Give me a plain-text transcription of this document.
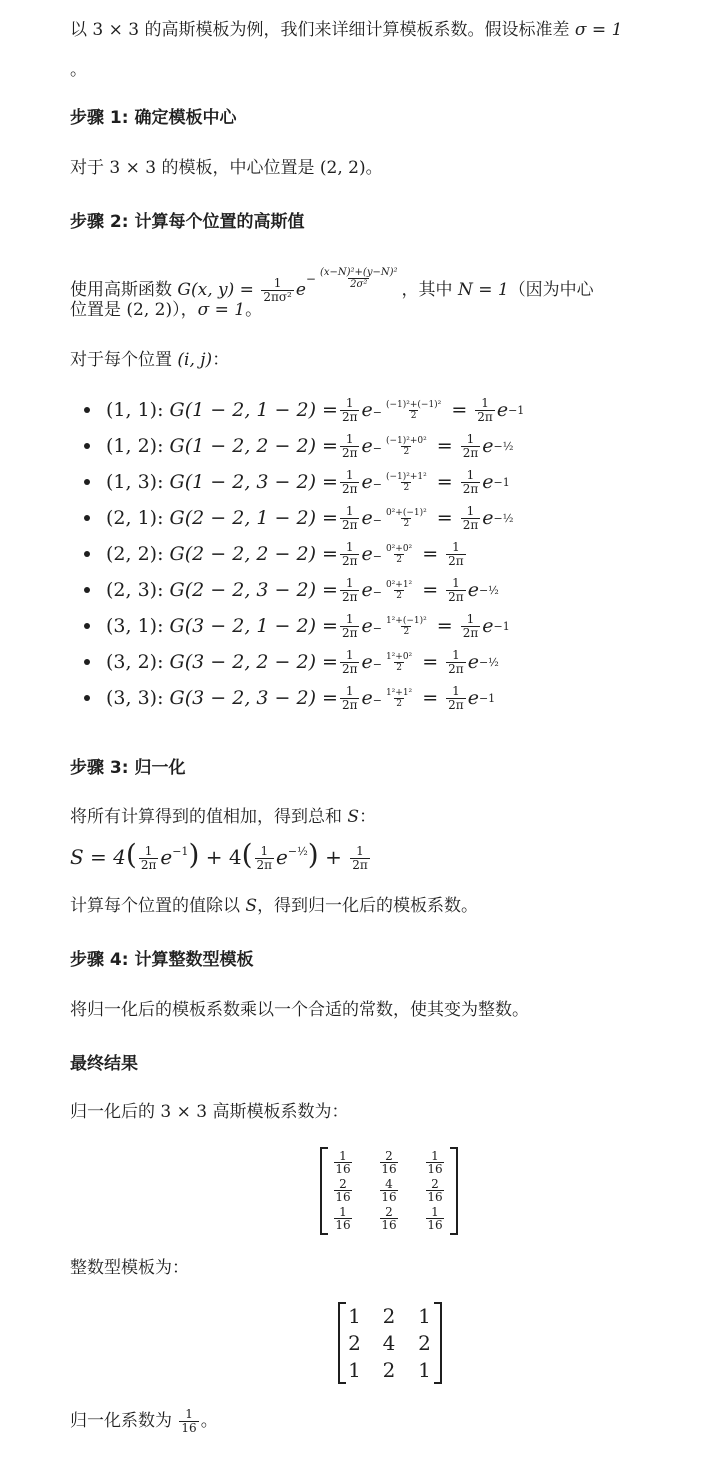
以 3 × 3 的高斯模板为例，我们来详细计算模板系数。假设标准差 σ = 1
。
步骤 1: 确定模板中心
对于 3 × 3 的模板，中心位置是 (2, 2)。
步骤 2: 计算每个位置的高斯值
使用高斯函数 G(x, $y) = \frac{1}{\text{2πσ²}} e- \frac{\text{(x−N)²+(y−N)²}}{\text{2σ²}}$
，其中 N = 1（因为中心
位置是 (2, 2)），σ = 1。
对于每个位置 (i, j)：
(1, 1) : G(1 − 2, $1 - 2) = \frac{1}{2\pi}$ $e - \frac{\text{(−1)²+(−1)²}}{2} = \frac{1}{2\pi}$ e −1
(1, 2) : G(1 − 2, $2 - 2) = \frac{1}{2\pi}$ $e - \frac{\text{(−1)²+0²}}{2} = \frac{1}{2\pi}$ e −½
(1, 3) : G(1 − 2, $3 - 2) = \frac{1}{2\pi}$ $e - \frac{\text{(−1)²+1²}}{2} = \frac{1}{2\pi}$ e −1
(2, 1) : G(2 − 2, $1 - 2) = \frac{1}{2\pi}$ $e - \frac{\text{0²+(−1)²}}{2} = \frac{1}{2\pi}$ e −½
(2, 2) : G(2 − 2, $2 - 2) = \frac{1}{2\pi}$ $e - \frac{\text{0²+0²}}{2} = \frac{1}{2\pi}$
(2, 3) : G(2 − 2, $3 - 2) = \frac{1}{2\pi}$ $e - \frac{\text{0²+1²}}{2} = \frac{1}{2\pi}$ e −½
(3, 1) : G(3 − 2, $1 - 2) = \frac{1}{2\pi}$ $e - \frac{\text{1²+(−1)²}}{2} = \frac{1}{2\pi}$ e −1
(3, 2) : G(3 − 2, $2 - 2) = \frac{1}{2\pi}$ $e - \frac{\text{1²+0²}}{2} = \frac{1}{2\pi}$ e −½
(3, 3) : G(3 − 2, $3 - 2) = \frac{1}{2\pi}$ $e - \frac{\text{1²+1²}}{2} = \frac{1}{2\pi}$ e −1
步骤 3: 归一化
将所有计算得到的值相加，得到总和 S：
$S = 4( \frac{1}{2\pi} e^{-1}) + 4( \frac{1}{2\pi} e^{-\frac{1}{2}}) + \frac{1}{2\pi}$
计算每个位置的值除以 S，得到归一化后的模板系数。
步骤 4: 计算整数型模板
将归一化后的模板系数乘以一个合适的常数，使其变为整数。
最终结果
归一化后的 3 × 3 高斯模板系数为：
$\frac{1}{16} \frac{2}{16} \frac{1}{16}$
$\frac{2}{16} \frac{4}{16} \frac{2}{16}$
$\frac{1}{16} \frac{2}{16} \frac{1}{16}$
整数型模板为：
1	2	1
2	4	2
1	2	1
归一化系数为 $\frac{1}{16}$ 。
